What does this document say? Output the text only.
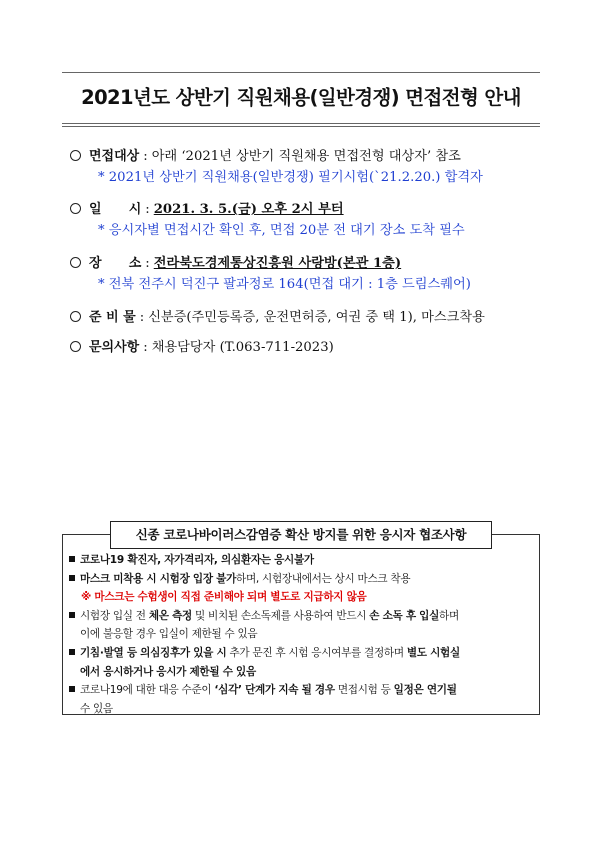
2021년도 상반기 직원채용(일반경쟁) 면접전형 안내
면접대상 : 아래 ‘2021년 상반기 직원채용 면접전형 대상자’ 참조
* 2021년 상반기 직원채용(일반경쟁) 필기시험(`21.2.20.) 합격자
일      시 : 2021. 3. 5.(금) 오후 2시 부터
* 응시자별 면접시간 확인 후, 면접 20분 전 대기 장소 도착 필수
장      소 : 전라북도경제통상진흥원 사랑방(본관 1층)
* 전북 전주시 덕진구 팔과정로 164(면접 대기 : 1층 드림스퀘어)
준 비 물 : 신분증(주민등록증, 운전면허증, 여권 중 택 1), 마스크착용
문의사항 : 채용담당자 (T.063-711-2023)
신종 코로나바이러스감염증 확산 방지를 위한 응시자 협조사항
코로나19 확진자, 자가격리자, 의심환자는 응시불가
마스크 미착용 시 시험장 입장 불가하며, 시험장내에서는 상시 마스크 착용
※ 마스크는 수험생이 직접 준비해야 되며 별도로 지급하지 않음
시험장 입실 전 체온 측정 및 비치된 손소독제를 사용하여 반드시 손 소독 후 입실하며
이에 불응할 경우 입실이 제한될 수 있음
기침·발열 등 의심징후가 있을 시 추가 문진 후 시험 응시여부를 결정하며 별도 시험실
에서 응시하거나 응시가 제한될 수 있음
코로나19에 대한 대응 수준이 ‘심각’ 단계가 지속 될 경우 면접시험 등 일정은 연기될
수 있음
